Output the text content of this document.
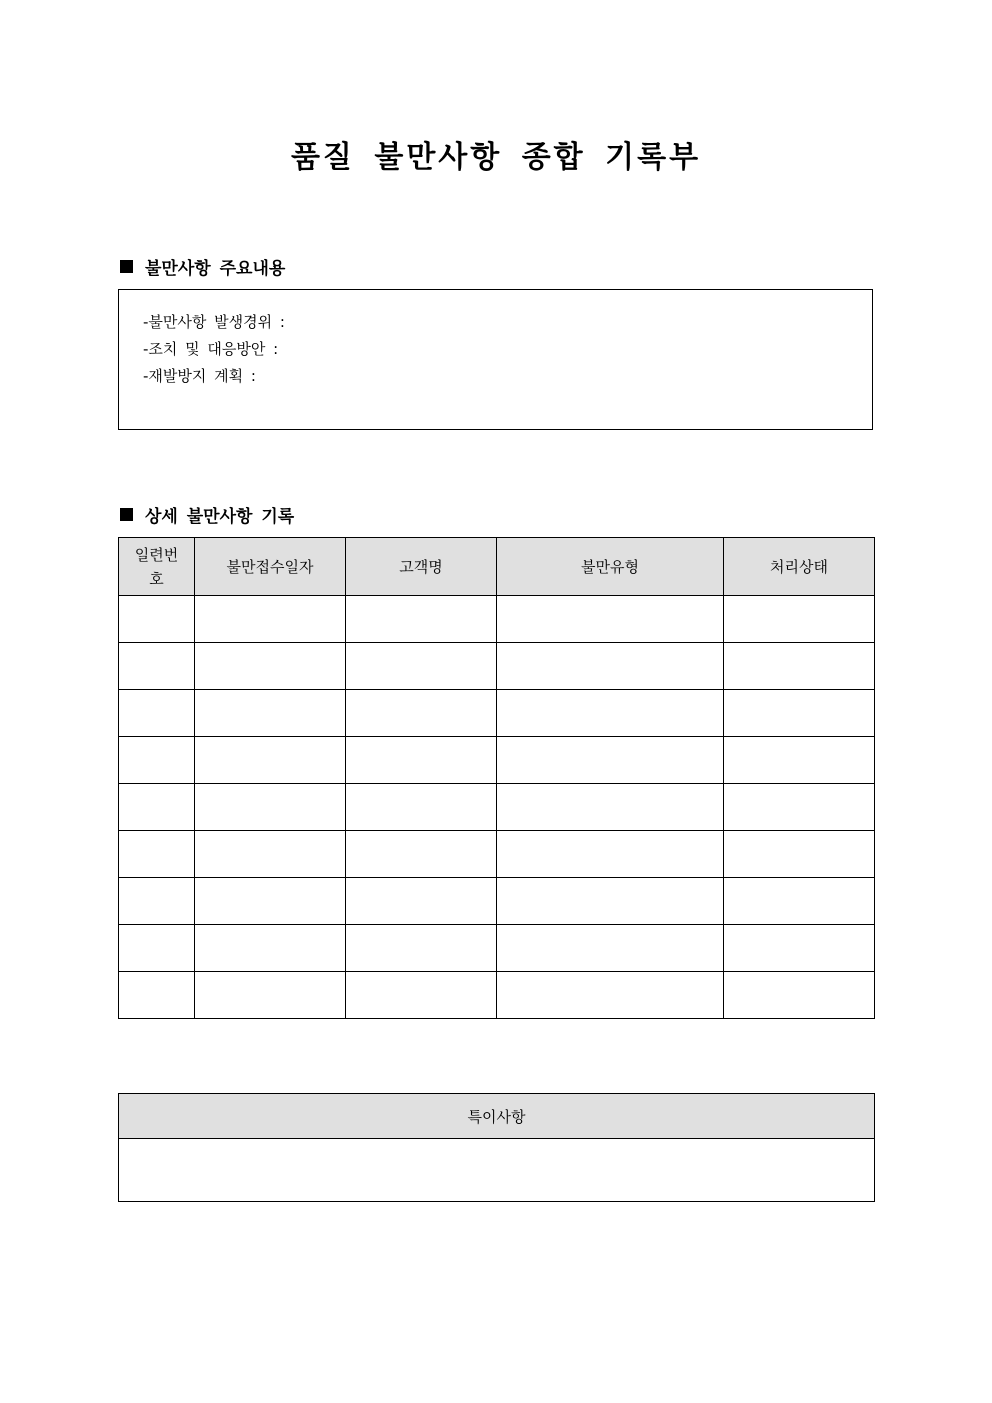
품질 불만사항 종합 기록부
불만사항 주요내용
-불만사항 발생경위 :
-조치 및 대응방안 :
-재발방지 계획 :
상세 불만사항 기록
일련번호	불만접수일자	고객명	불만유형	처리상태

특이사항
